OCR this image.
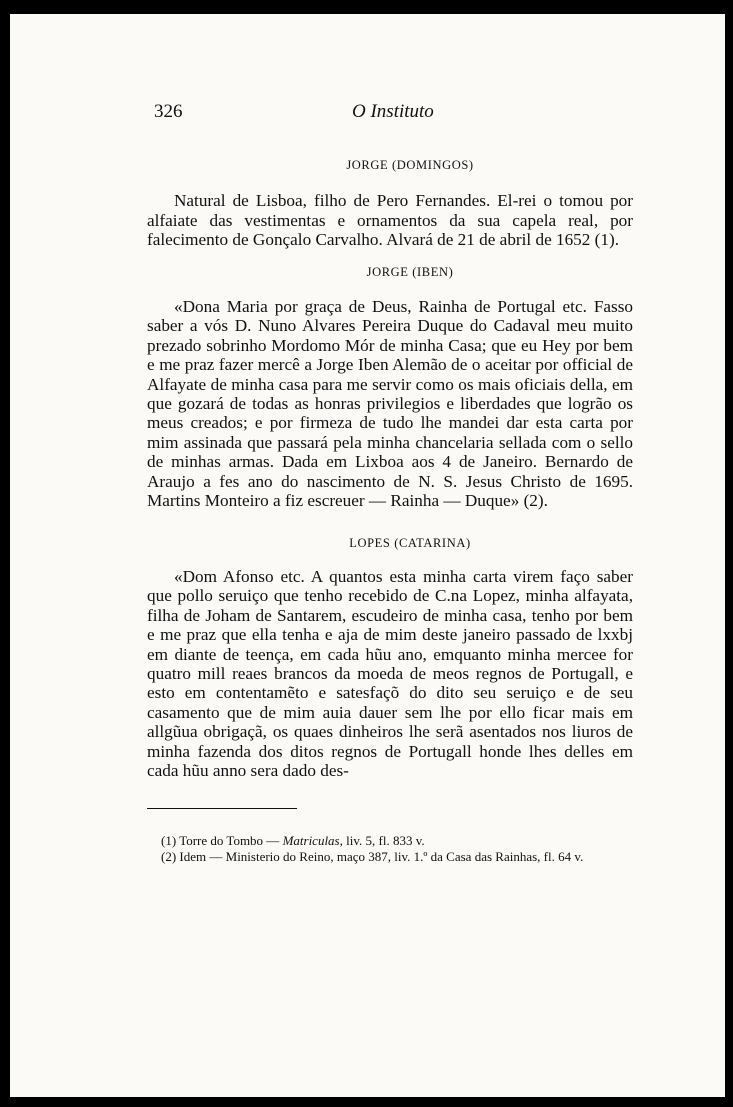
326	O Instituto
JORGE (DOMINGOS)

Natural de Lisboa, filho de Pero Fernandes. El-rei o tomou por alfaiate das vestimentas e ornamentos da sua capela real, por falecimento de Gonçalo Carvalho. Alvará de 21 de abril de 1652 (1).

JORGE (IBEN)

«Dona Maria por graça de Deus, Rainha de Portugal etc. Fasso saber a vós D. Nuno Alvares Pereira Duque do Cadaval meu muito prezado sobrinho Mordomo Mór de minha Casa; que eu Hey por bem e me praz fazer mercê a Jorge Iben Alemão de o aceitar por official de Alfayate de minha casa para me servir como os mais oficiais della, em que gozará de todas as honras privilegios e liberdades que logrão os meus creados; e por firmeza de tudo lhe mandei dar esta carta por mim assinada que passará pela minha chancelaria sellada com o sello de minhas armas. Dada em Lixboa aos 4 de Janeiro. Bernardo de Araujo a fes ano do nascimento de N. S. Jesus Christo de 1695. Martins Monteiro a fiz escreuer — Rainha — Duque» (2).

LOPES (CATARINA)

«Dom Afonso etc. A quantos esta minha carta virem faço saber que pollo seruiço que tenho recebido de C.na Lopez, minha alfayata, filha de Joham de Santarem, escudeiro de minha casa, tenho por bem e me praz que ella tenha e aja de mim deste janeiro passado de lxxbj em diante de teença, em cada hũu ano, emquanto minha mercee for quatro mill reaes brancos da moeda de meos regnos de Portugall, e esto em contentamẽto e satesfaçõ do dito seu seruiço e de seu casamento que de mim auia dauer sem lhe por ello ficar mais em allgũua obrigaçã, os quaes dinheiros lhe serã asentados nos liuros de minha fazenda dos ditos regnos de Portugall honde lhes delles em cada hũu anno sera dado des-

(1) Torre do Tombo — Matriculas, liv. 5, fl. 833 v.

(2) Idem — Ministerio do Reino, maço 387, liv. 1.º da Casa das Rainhas, fl. 64 v.
